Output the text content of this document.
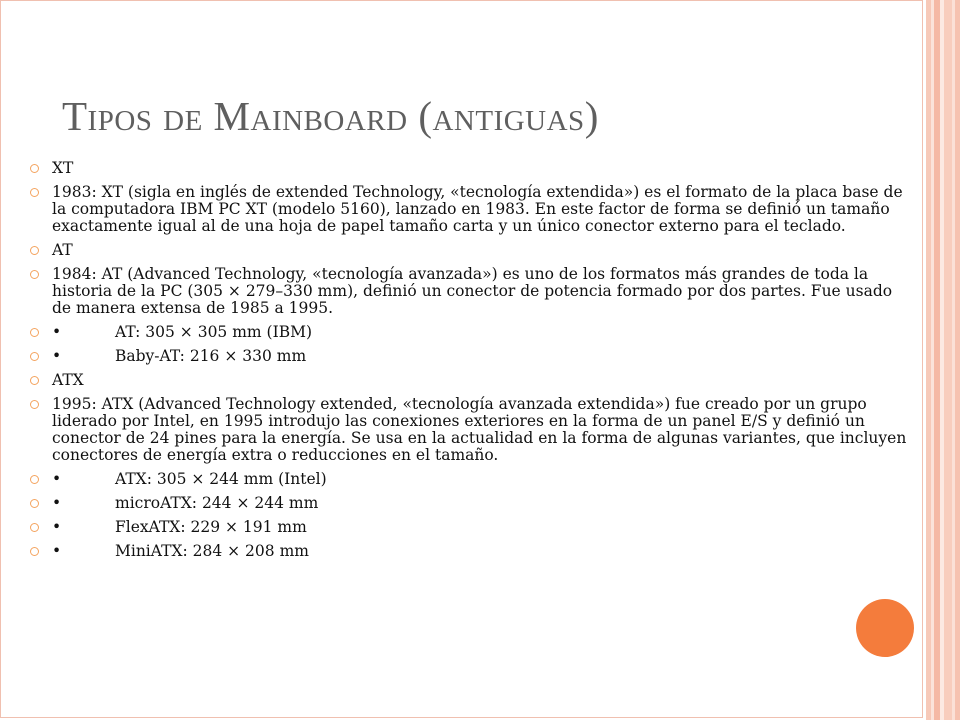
Tipos de Mainboard (antiguas)
XT
1983: XT (sigla en inglés de extended Technology, «tecnología extendida») es el formato de la placa base de la computadora IBM PC XT (modelo 5160), lanzado en 1983. En este factor de forma se definió un tamaño exactamente igual al de una hoja de papel tamaño carta y un único conector externo para el teclado.
AT
1984: AT (Advanced Technology, «tecnología avanzada») es uno de los formatos más grandes de toda la historia de la PC (305 × 279–330 mm), definió un conector de potencia formado por dos partes. Fue usado de manera extensa de 1985 a 1995.
•	AT: 305 × 305 mm (IBM)
•	Baby-AT: 216 × 330 mm
ATX
1995: ATX (Advanced Technology extended, «tecnología avanzada extendida») fue creado por un grupo liderado por Intel, en 1995 introdujo las conexiones exteriores en la forma de un panel E/S y definió un conector de 24 pines para la energía. Se usa en la actualidad en la forma de algunas variantes, que incluyen conectores de energía extra o reducciones en el tamaño.
•	ATX: 305 × 244 mm (Intel)
•	microATX: 244 × 244 mm
•	FlexATX: 229 × 191 mm
•	MiniATX: 284 × 208 mm
